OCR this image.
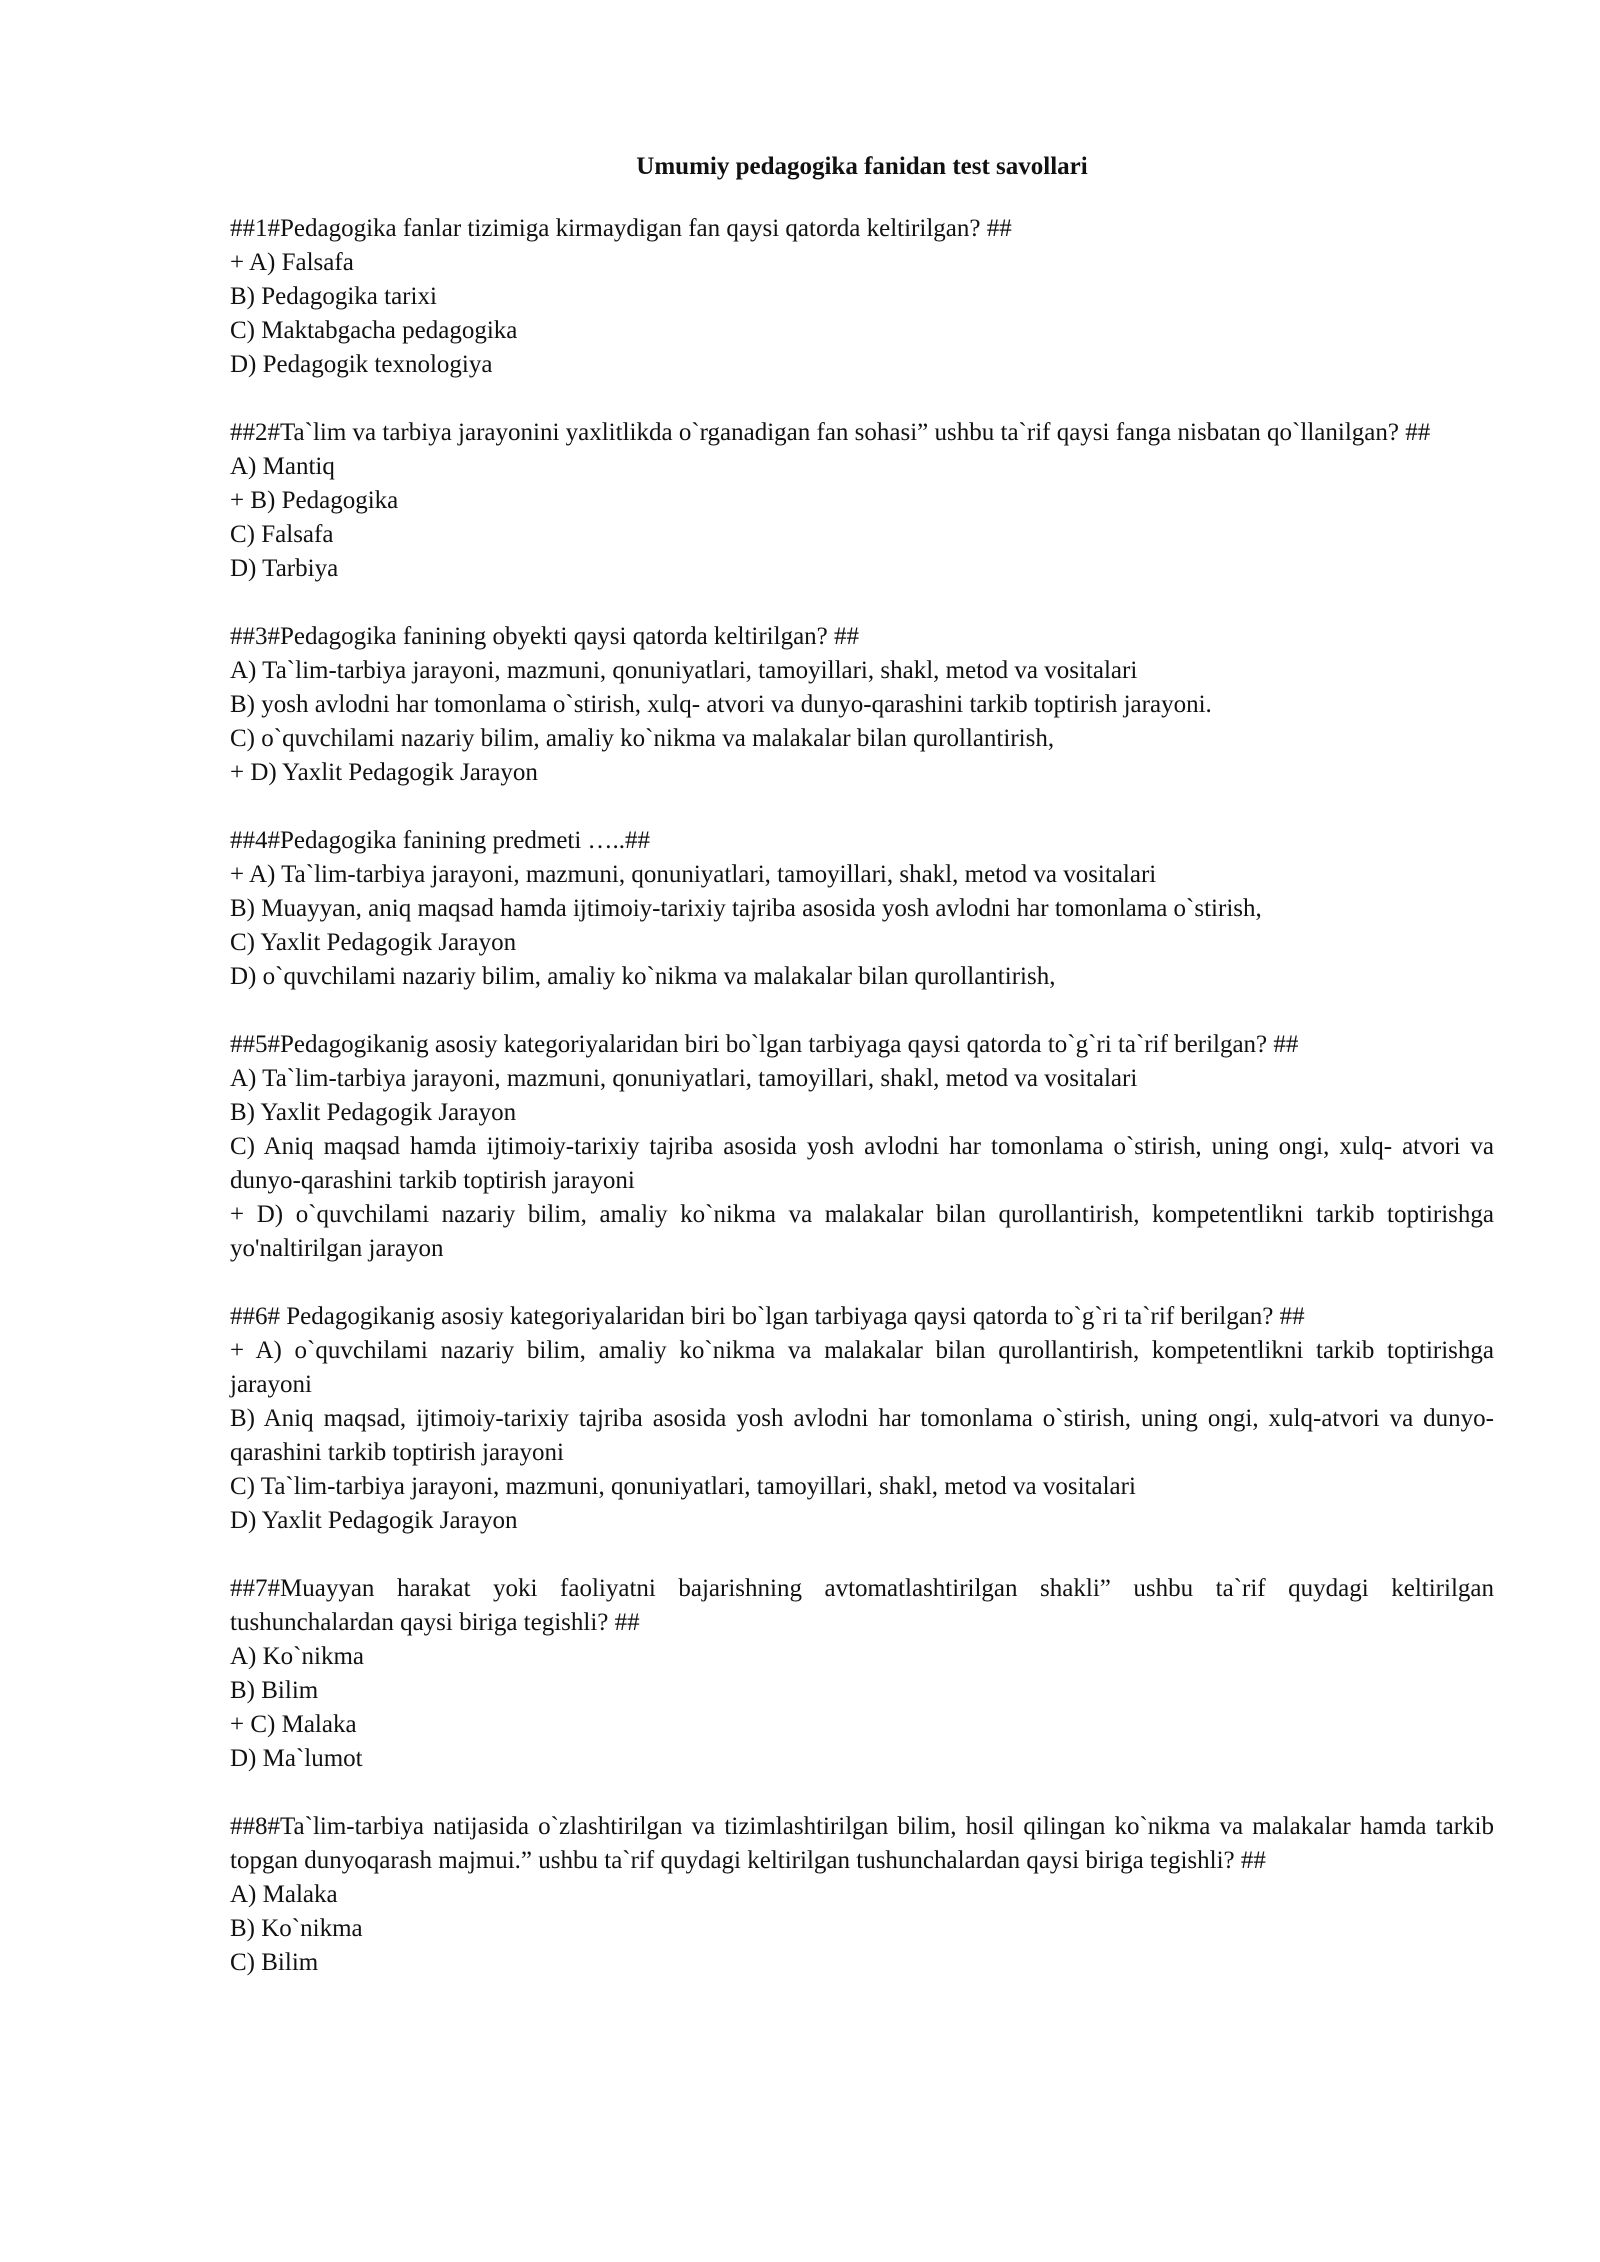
Umumiy pedagogika fanidan test savollari

##1#Pedagogika fanlar tizimiga kirmaydigan fan qaysi qatorda keltirilgan? ##

+ A) Falsafa

B) Pedagogika tarixi

C) Maktabgacha pedagogika

D) Pedagogik texnologiya

##2#Ta`lim va tarbiya jarayonini yaxlitlikda o`rganadigan fan sohasi” ushbu ta`rif qaysi fanga nisbatan qo`llanilgan? ##

A) Mantiq

+ B) Pedagogika

C) Falsafa

D) Tarbiya

##3#Pedagogika fanining obyekti qaysi qatorda keltirilgan? ##

A) Ta`lim-tarbiya jarayoni, mazmuni, qonuniyatlari, tamoyillari, shakl, metod va vositalari

B) yosh avlodni har tomonlama o`stirish, xulq- atvori va dunyo-qarashini tarkib toptirish jarayoni.

C) o`quvchilami nazariy bilim, amaliy ko`nikma va malakalar bilan qurollantirish,

+ D) Yaxlit Pedagogik Jarayon

##4#Pedagogika fanining predmeti …..##

+ A) Ta`lim-tarbiya jarayoni, mazmuni, qonuniyatlari, tamoyillari, shakl, metod va vositalari

B) Muayyan, aniq maqsad hamda ijtimoiy-tarixiy tajriba asosida yosh avlodni har tomonlama o`stirish,

C) Yaxlit Pedagogik Jarayon

D) o`quvchilami nazariy bilim, amaliy ko`nikma va malakalar bilan qurollantirish,

##5#Pedagogikanig asosiy kategoriyalaridan biri bo`lgan tarbiyaga qaysi qatorda to`g`ri ta`rif berilgan? ##

A) Ta`lim-tarbiya jarayoni, mazmuni, qonuniyatlari, tamoyillari, shakl, metod va vositalari

B) Yaxlit Pedagogik Jarayon

C) Aniq maqsad hamda ijtimoiy-tarixiy tajriba asosida yosh avlodni har tomonlama o`stirish, uning ongi, xulq- atvori va dunyo-qarashini tarkib toptirish jarayoni

+ D) o`quvchilami nazariy bilim, amaliy ko`nikma va malakalar bilan qurollantirish, kompetentlikni tarkib toptirishga yo'naltirilgan jarayon

##6# Pedagogikanig asosiy kategoriyalaridan biri bo`lgan tarbiyaga qaysi qatorda to`g`ri ta`rif berilgan? ##

+ A) o`quvchilami nazariy bilim, amaliy ko`nikma va malakalar bilan qurollantirish, kompetentlikni tarkib toptirishga jarayoni

B) Aniq maqsad, ijtimoiy-tarixiy tajriba asosida yosh avlodni har tomonlama o`stirish, uning ongi, xulq-atvori va dunyo-qarashini tarkib toptirish jarayoni

C) Ta`lim-tarbiya jarayoni, mazmuni, qonuniyatlari, tamoyillari, shakl, metod va vositalari

D) Yaxlit Pedagogik Jarayon

##7#Muayyan harakat yoki faoliyatni bajarishning avtomatlashtirilgan shakli” ushbu ta`rif quydagi keltirilgan tushunchalardan qaysi biriga tegishli? ##

A) Ko`nikma

B) Bilim

+ C) Malaka

D) Ma`lumot

##8#Ta`lim-tarbiya natijasida o`zlashtirilgan va tizimlashtirilgan bilim, hosil qilingan ko`nikma va malakalar hamda tarkib topgan dunyoqarash majmui.” ushbu ta`rif quydagi keltirilgan tushunchalardan qaysi biriga tegishli? ##

A) Malaka

B) Ko`nikma

C) Bilim
